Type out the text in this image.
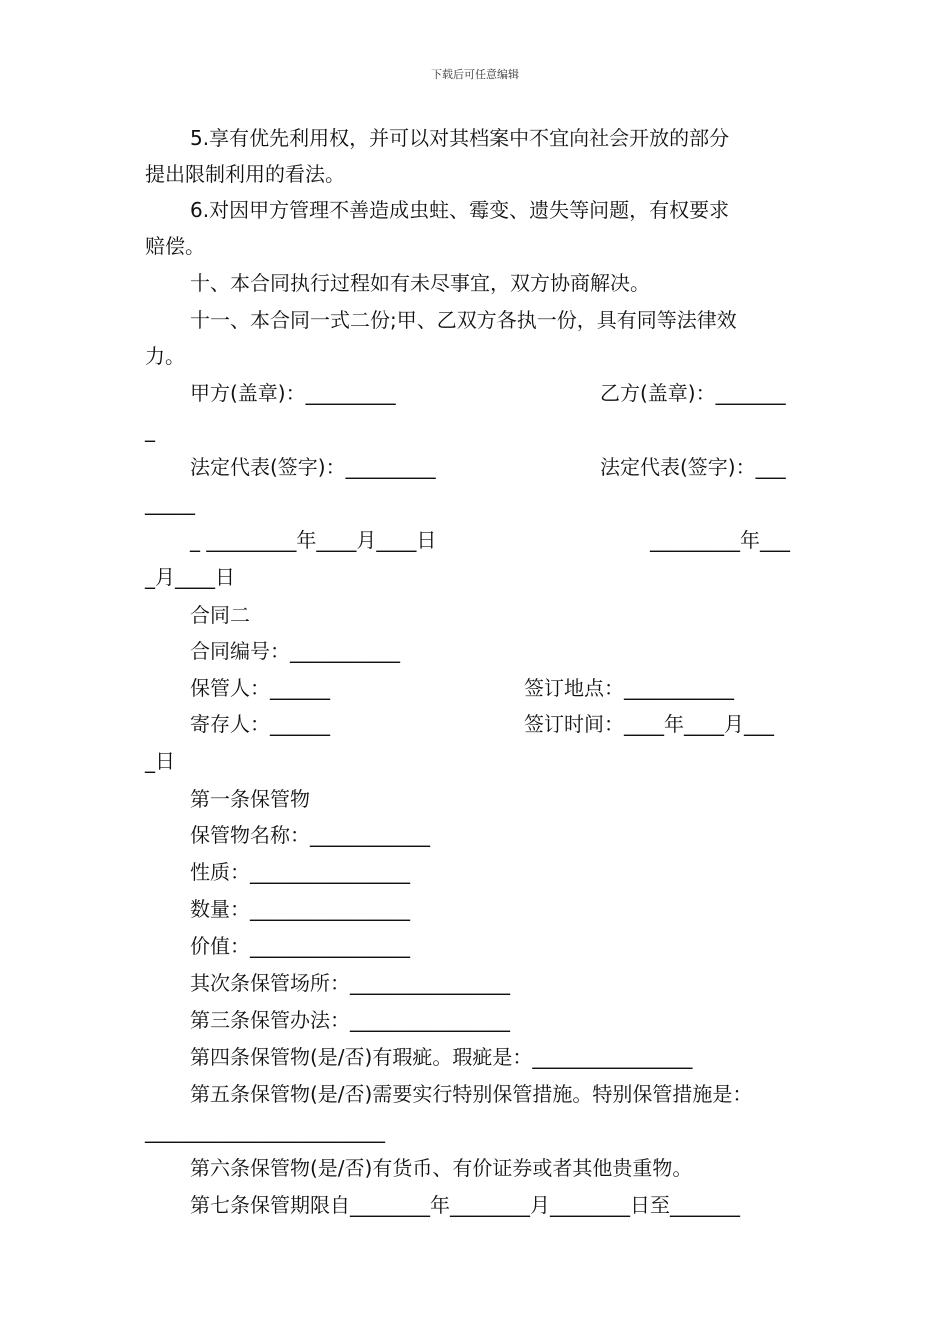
下载后可任意编辑
5.享有优先利用权，并可以对其档案中不宜向社会开放的部分
提出限制利用的看法。
6.对因甲方管理不善造成虫蛀、霉变、遗失等问题，有权要求
赔偿。
十、本合同执行过程如有未尽事宜，双方协商解决。
十一、本合同一式二份;甲、乙双方各执一份，具有同等法律效
力。
甲方(盖章)：_________	乙方(盖章)：_______
_
法定代表(签字)：_________	法定代表(签字)：___
_____
_ _________年____月____日	_________年___
_月____日
合同二
合同编号：___________
保管人：______	签订地点：___________
寄存人：______	签订时间：____年____月___
_日
第一条保管物
保管物名称：____________
性质：________________
数量：________________
价值：________________
其次条保管场所：________________
第三条保管办法：________________
第四条保管物(是/否)有瑕疵。瑕疵是：________________
第五条保管物(是/否)需要实行特别保管措施。特别保管措施是：
________________________
第六条保管物(是/否)有货币、有价证券或者其他贵重物。
第七条保管期限自________年________月________日至_______
